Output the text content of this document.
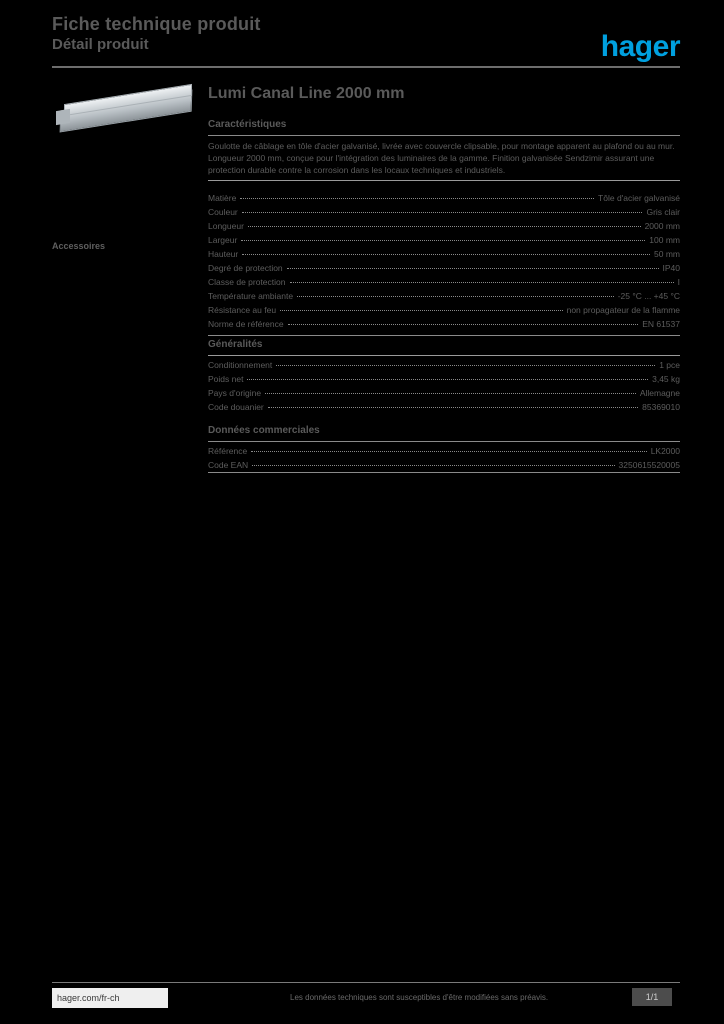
Fiche technique produit
Détail produit	hager
Accessoires
Lumi Canal Line 2000 mm
Caractéristiques
Goulotte de câblage en tôle d'acier galvanisé, livrée avec couvercle clipsable, pour montage apparent au plafond ou au mur. Longueur 2000 mm, conçue pour l'intégration des luminaires de la gamme. Finition galvanisée Sendzimir assurant une protection durable contre la corrosion dans les locaux techniques et industriels.
Matière	Tôle d'acier galvanisé
Couleur	Gris clair
Longueur	2000 mm
Largeur	100 mm
Hauteur	50 mm
Degré de protection	IP40
Classe de protection	I
Température ambiante	-25 °C ... +45 °C
Résistance au feu	non propagateur de la flamme
Norme de référence	EN 61537
Généralités
Conditionnement	1 pce
Poids net	3,45 kg
Pays d'origine	Allemagne
Code douanier	85369010
Données commerciales
Référence	LK2000
Code EAN	3250615520005
hager.com/fr-ch	Les données techniques sont susceptibles d'être modifiées sans préavis.	1/1
